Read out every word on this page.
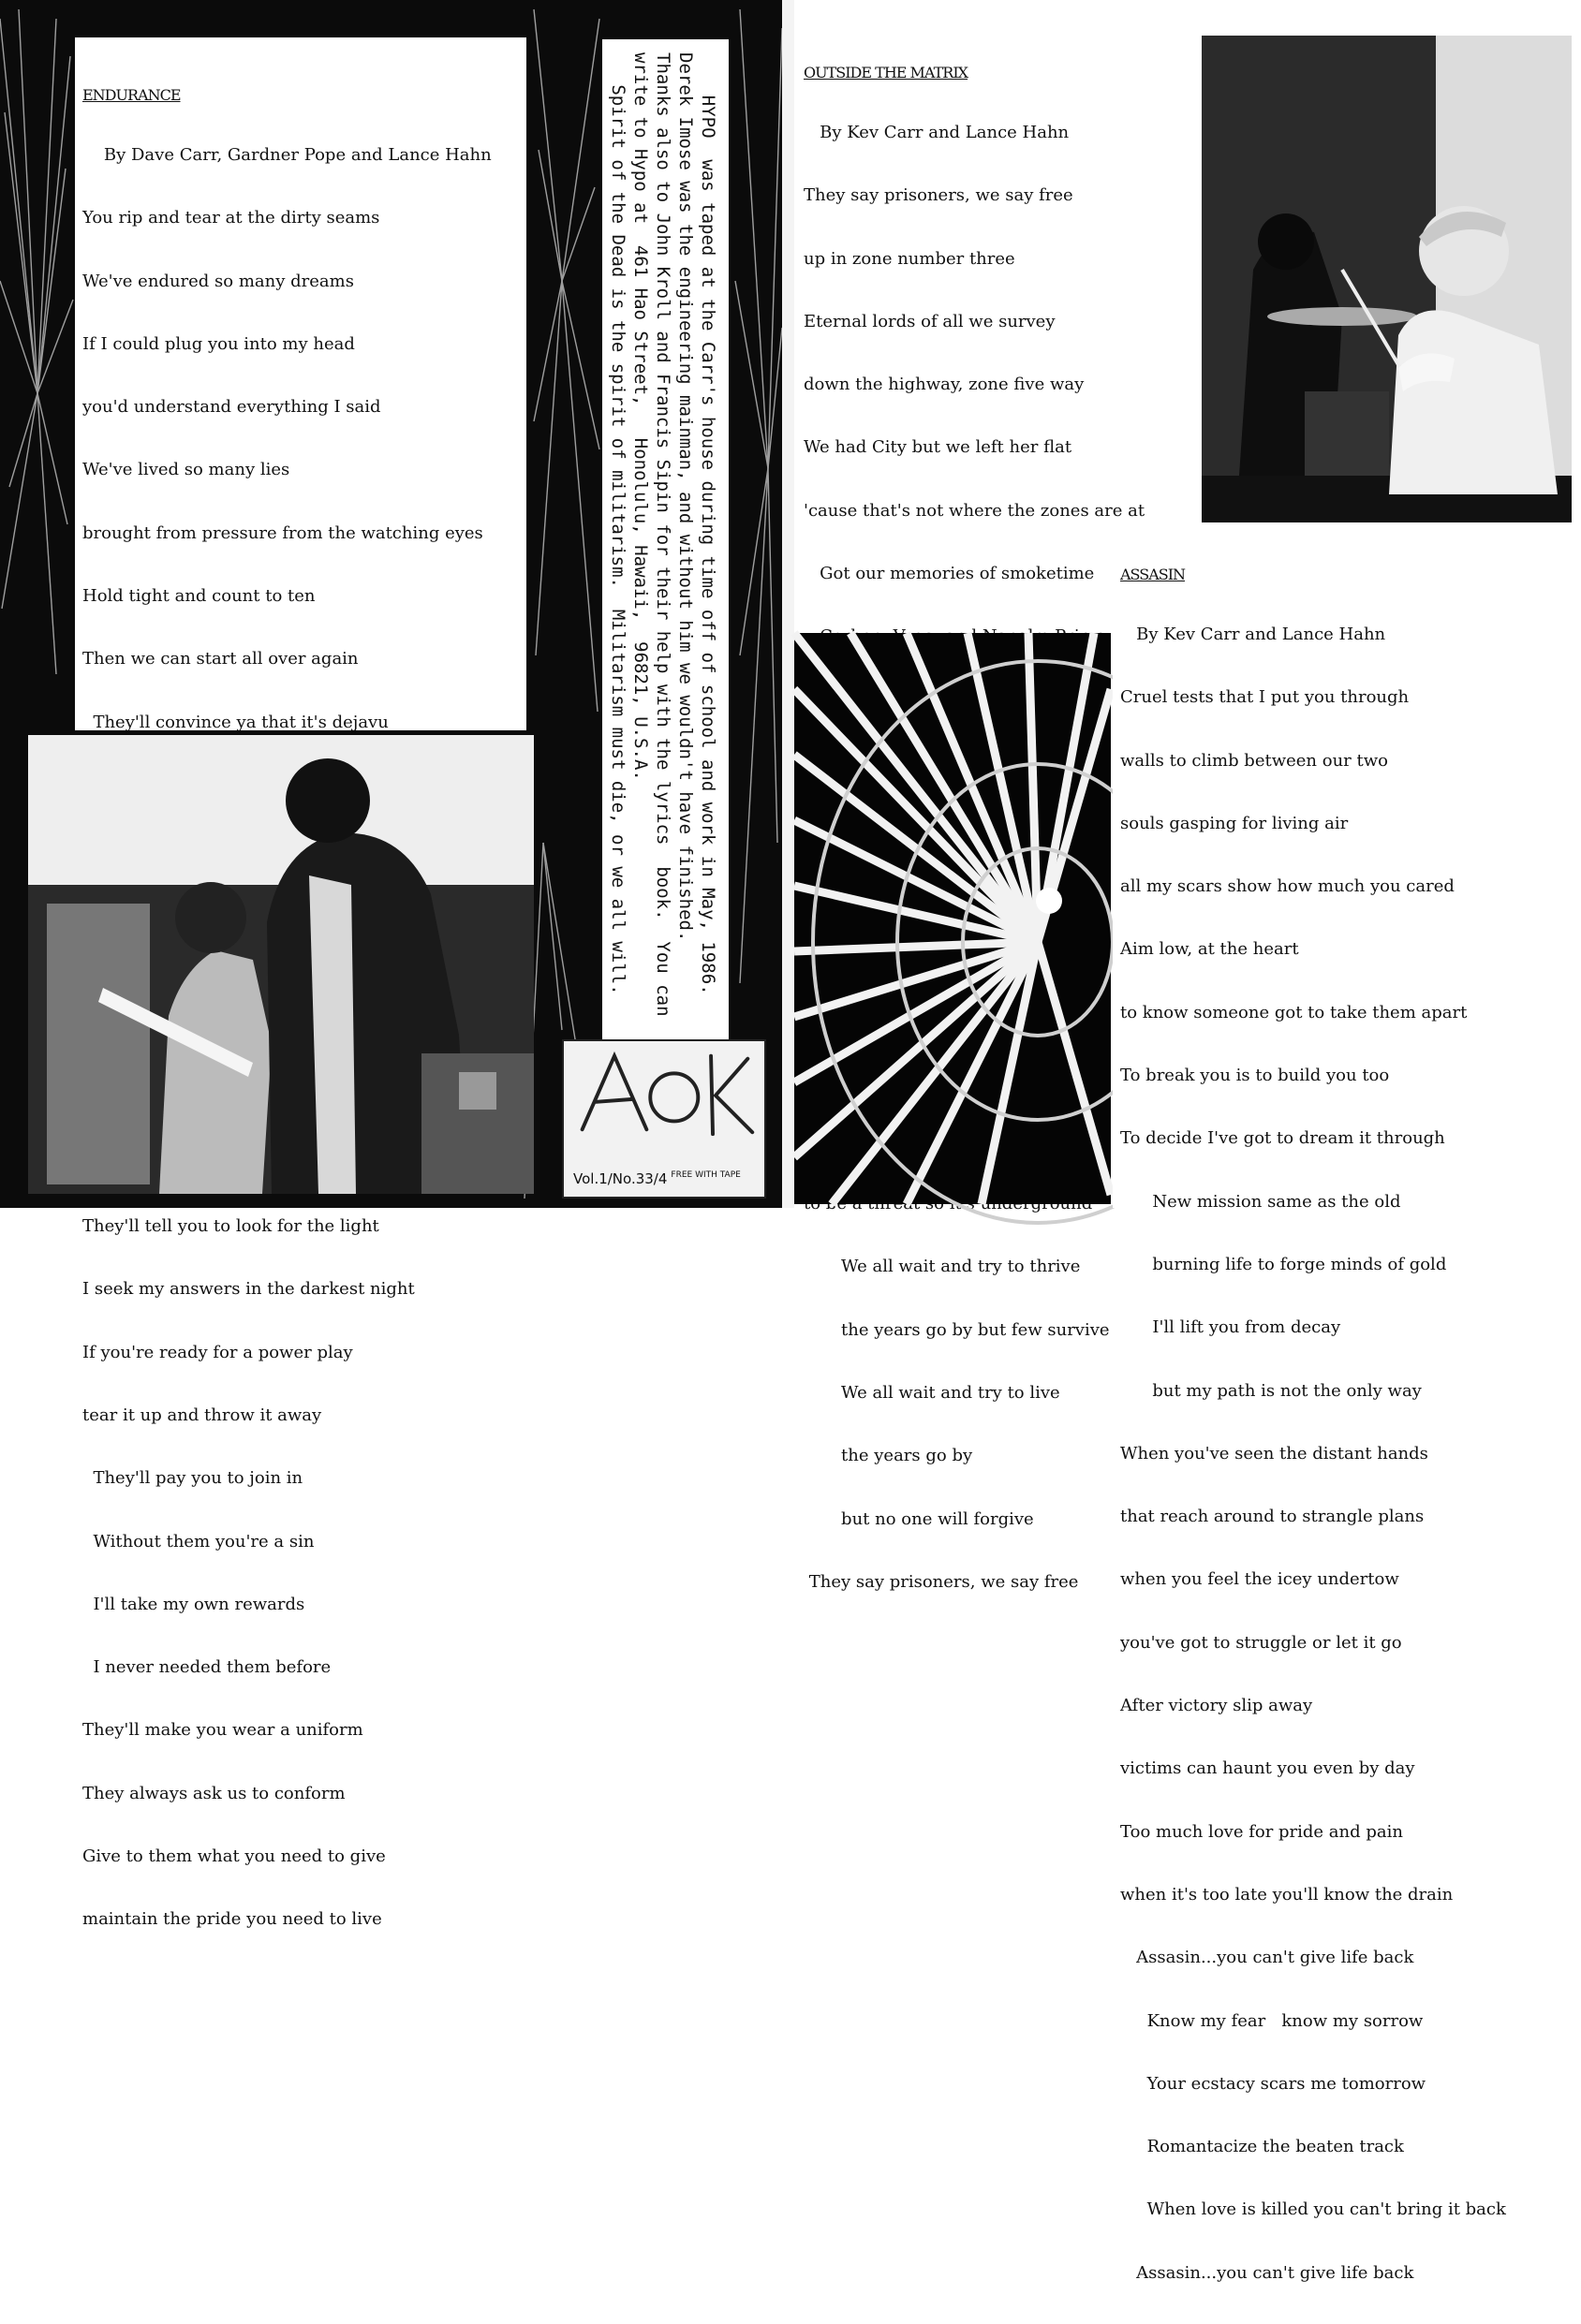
ENDURANCE

By Dave Carr, Gardner Pope and Lance Hahn

You rip and tear at the dirty seams

We've endured so many dreams

If I could plug you into my head

you'd understand everything I said

We've lived so many lies

brought from pressure from the watching eyes

Hold tight and count to ten

Then we can start all over again

They'll convince ya that it's dejavu

They'll tell you to look for the light

I seek my answers in the darkest night

If you're ready for a power play

tear it up and throw it away

They'll pay you to join in

Without them you're a sin

I'll take my own rewards

I never needed them before

They'll make you wear a uniform

They always ask us to conform

Give to them what you need to give

maintain the pride you need to live

HYPO  was taped at the Carr's house during time off of school and work in May, 1986.
Derek Imose was the engineering mainman, and without him we wouldn't have finished.
Thanks also to John Kroll and Francis Sipin for their help with the lyrics  book.  You can
write to Hypo at  461 Hao Street,   Honolulu, Hawaii,  96821, U.S.A.
Spirit of the Dead is the spirit of militarism.  Militarism must die, or we all will.
Vol.1/No.33/4 FREE WITH TAPE

OUTSIDE THE MATRIX

By Kev Carr and Lance Hahn

They say prisoners, we say free

up in zone number three

Eternal lords of all we survey

down the highway, zone five way

We had City but we left her flat

'cause that's not where the zones are at

Got our memories of smoketime

We all wait and try to thrive

the years go by but few survive

We all wait and try to live

the years go by

but no one will forgive

They say prisoners, we say free

ASSASIN

By Kev Carr and Lance Hahn

Cruel tests that I put you through

walls to climb between our two

souls gasping for living air

all my scars show how much you cared

Aim low, at the heart

to know someone got to take them apart

To break you is to build you too

To decide I've got to dream it through

New mission same as the old

burning life to forge minds of gold

I'll lift you from decay

but my path is not the only way

When you've seen the distant hands

that reach around to strangle plans

when you feel the icey undertow

you've got to struggle or let it go

After victory slip away

victims can haunt you even by day

Too much love for pride and pain

when it's too late you'll know the drain

Assasin...you can't give life back

Know my fear   know my sorrow

Your ecstacy scars me tomorrow

Romantacize the beaten track

When love is killed you can't bring it back

Assasin...you can't give life back
